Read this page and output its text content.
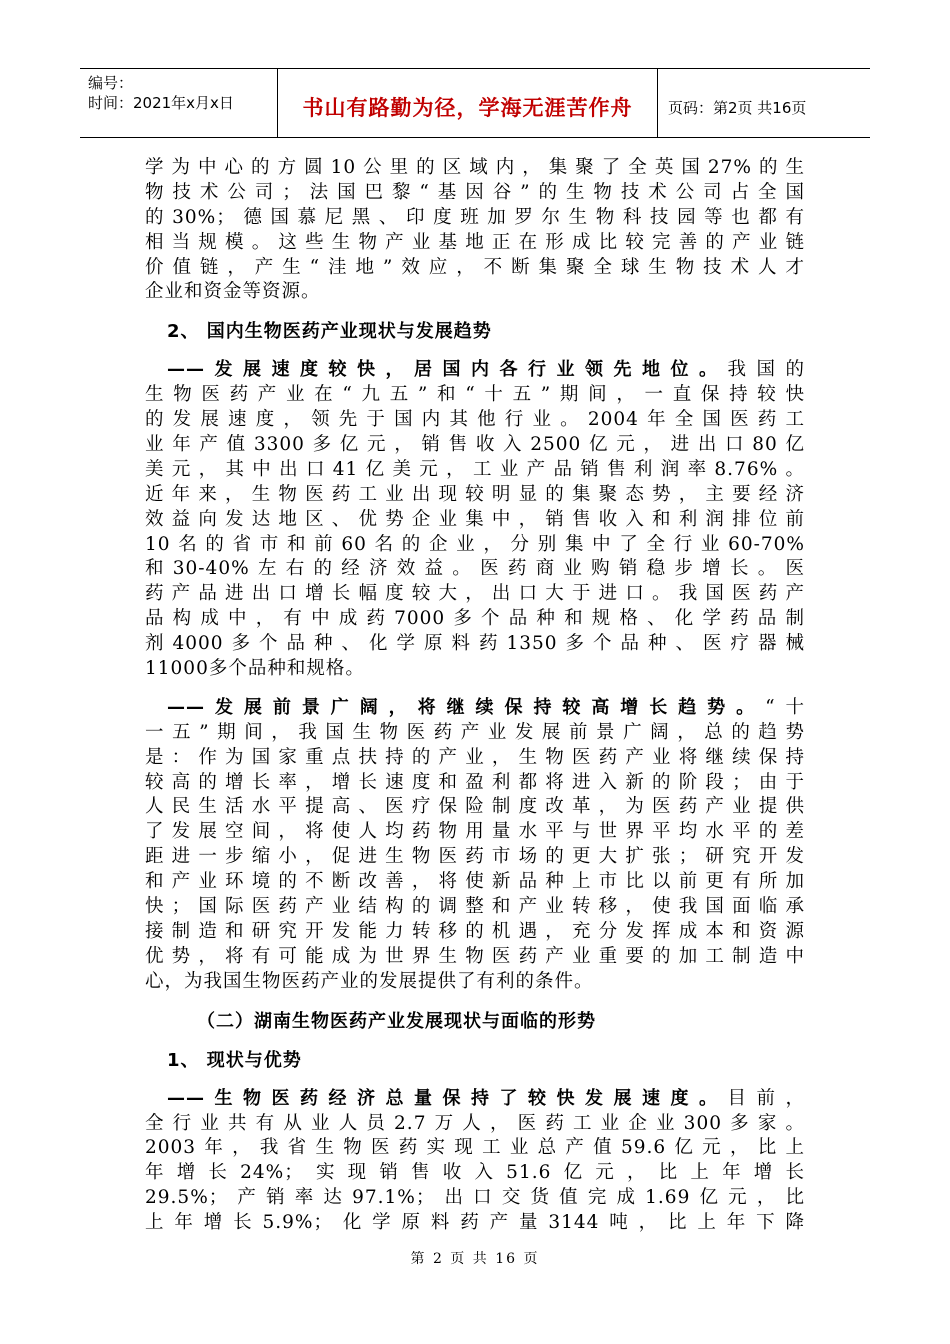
编号：
时间：2021年x月x日	书山有路勤为径，学海无涯苦作舟	页码：第2页 共16页
学为中心的方圆10公里的区域内，集聚了全英国27%的生
物技术公司；法国巴黎“基因谷”的生物技术公司占全国
的30%；德国慕尼黑、印度班加罗尔生物科技园等也都有
相当规模。这些生物产业基地正在形成比较完善的产业链
价值链，产生“洼地”效应，不断集聚全球生物技术人才
企业和资金等资源。
2、 国内生物医药产业现状与发展趋势
——发展速度较快，居国内各行业领先地位。我国的
生物医药产业在“九五”和“十五”期间，一直保持较快
的发展速度，领先于国内其他行业。2004年全国医药工
业年产值3300多亿元，销售收入2500亿元，进出口80亿
美元，其中出口41亿美元，工业产品销售利润率8.76%。
近年来，生物医药工业出现较明显的集聚态势，主要经济
效益向发达地区、优势企业集中，销售收入和利润排位前
10名的省市和前60名的企业，分别集中了全行业60-70%
和30-40%左右的经济效益。医药商业购销稳步增长。医
药产品进出口增长幅度较大，出口大于进口。我国医药产
品构成中，有中成药7000多个品种和规格、化学药品制
剂4000多个品种、化学原料药1350多个品种、医疗器械
11000多个品种和规格。
——发展前景广阔，将继续保持较高增长趋势。“十
一五”期间，我国生物医药产业发展前景广阔，总的趋势
是：作为国家重点扶持的产业，生物医药产业将继续保持
较高的增长率，增长速度和盈利都将进入新的阶段；由于
人民生活水平提高、医疗保险制度改革，为医药产业提供
了发展空间，将使人均药物用量水平与世界平均水平的差
距进一步缩小，促进生物医药市场的更大扩张；研究开发
和产业环境的不断改善，将使新品种上市比以前更有所加
快；国际医药产业结构的调整和产业转移，使我国面临承
接制造和研究开发能力转移的机遇，充分发挥成本和资源
优势，将有可能成为世界生物医药产业重要的加工制造中
心，为我国生物医药产业的发展提供了有利的条件。
（二）湖南生物医药产业发展现状与面临的形势
1、 现状与优势
——生物医药经济总量保持了较快发展速度。目前，
全行业共有从业人员2.7万人，医药工业企业300多家。
2003年，我省生物医药实现工业总产值59.6亿元，比上
年增长24%；实现销售收入51.6亿元，比上年增长
29.5%；产销率达97.1%；出口交货值完成1.69亿元，比
上年增长5.9%；化学原料药产量3144吨，比上年下降
第 2 页 共 16 页
